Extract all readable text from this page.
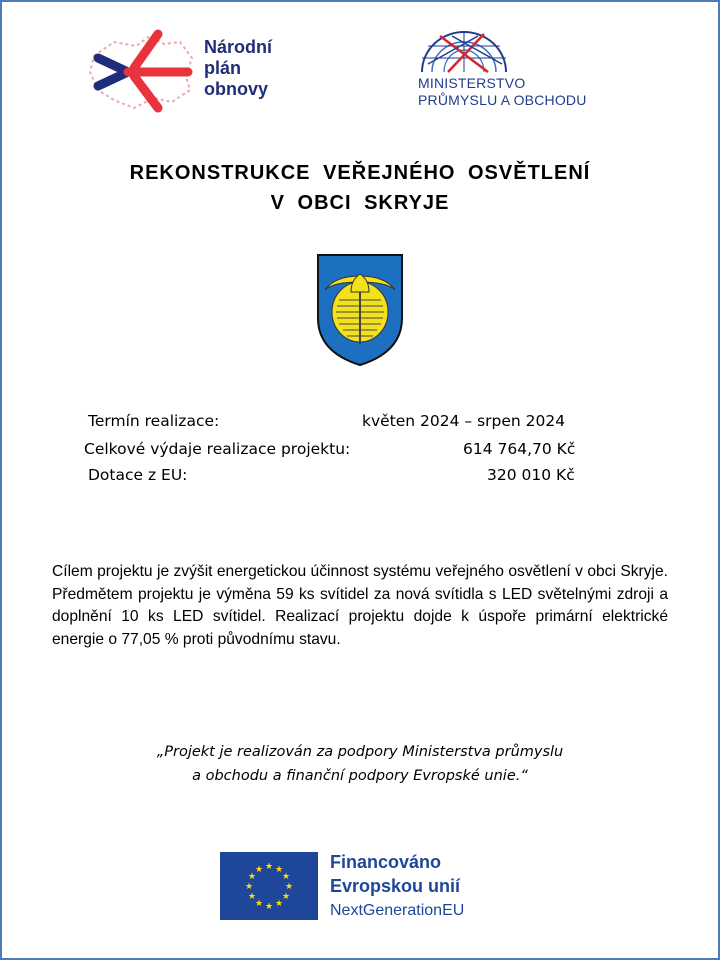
Národní
plán
obnovy	MINISTERSTVO
PRŮMYSLU A OBCHODU
REKONSTRUKCE VEŘEJNÉHO OSVĚTLENÍ
V OBCI SKRYJE
Termín realizace:	květen 2024 – srpen 2024
Celkové výdaje realizace projektu:	614 764,70 Kč
Dotace z EU:	320 010 Kč
Cílem projektu je zvýšit energetickou účinnost systému veřejného osvětlení v obci Skryje. Předmětem projektu je výměna 59 ks svítidel za nová svítidla s LED světelnými zdroji a doplnění 10 ks LED svítidel. Realizací projektu dojde k úspoře primární elektrické energie o 77,05 % proti původnímu stavu.
„Projekt je realizován za podpory Ministerstva průmyslu
a obchodu a finanční podpory Evropské unie.“
★ ★
★
★
★
★
★
★
★
★
★
★	Financováno
Evropskou unií
NextGenerationEU
